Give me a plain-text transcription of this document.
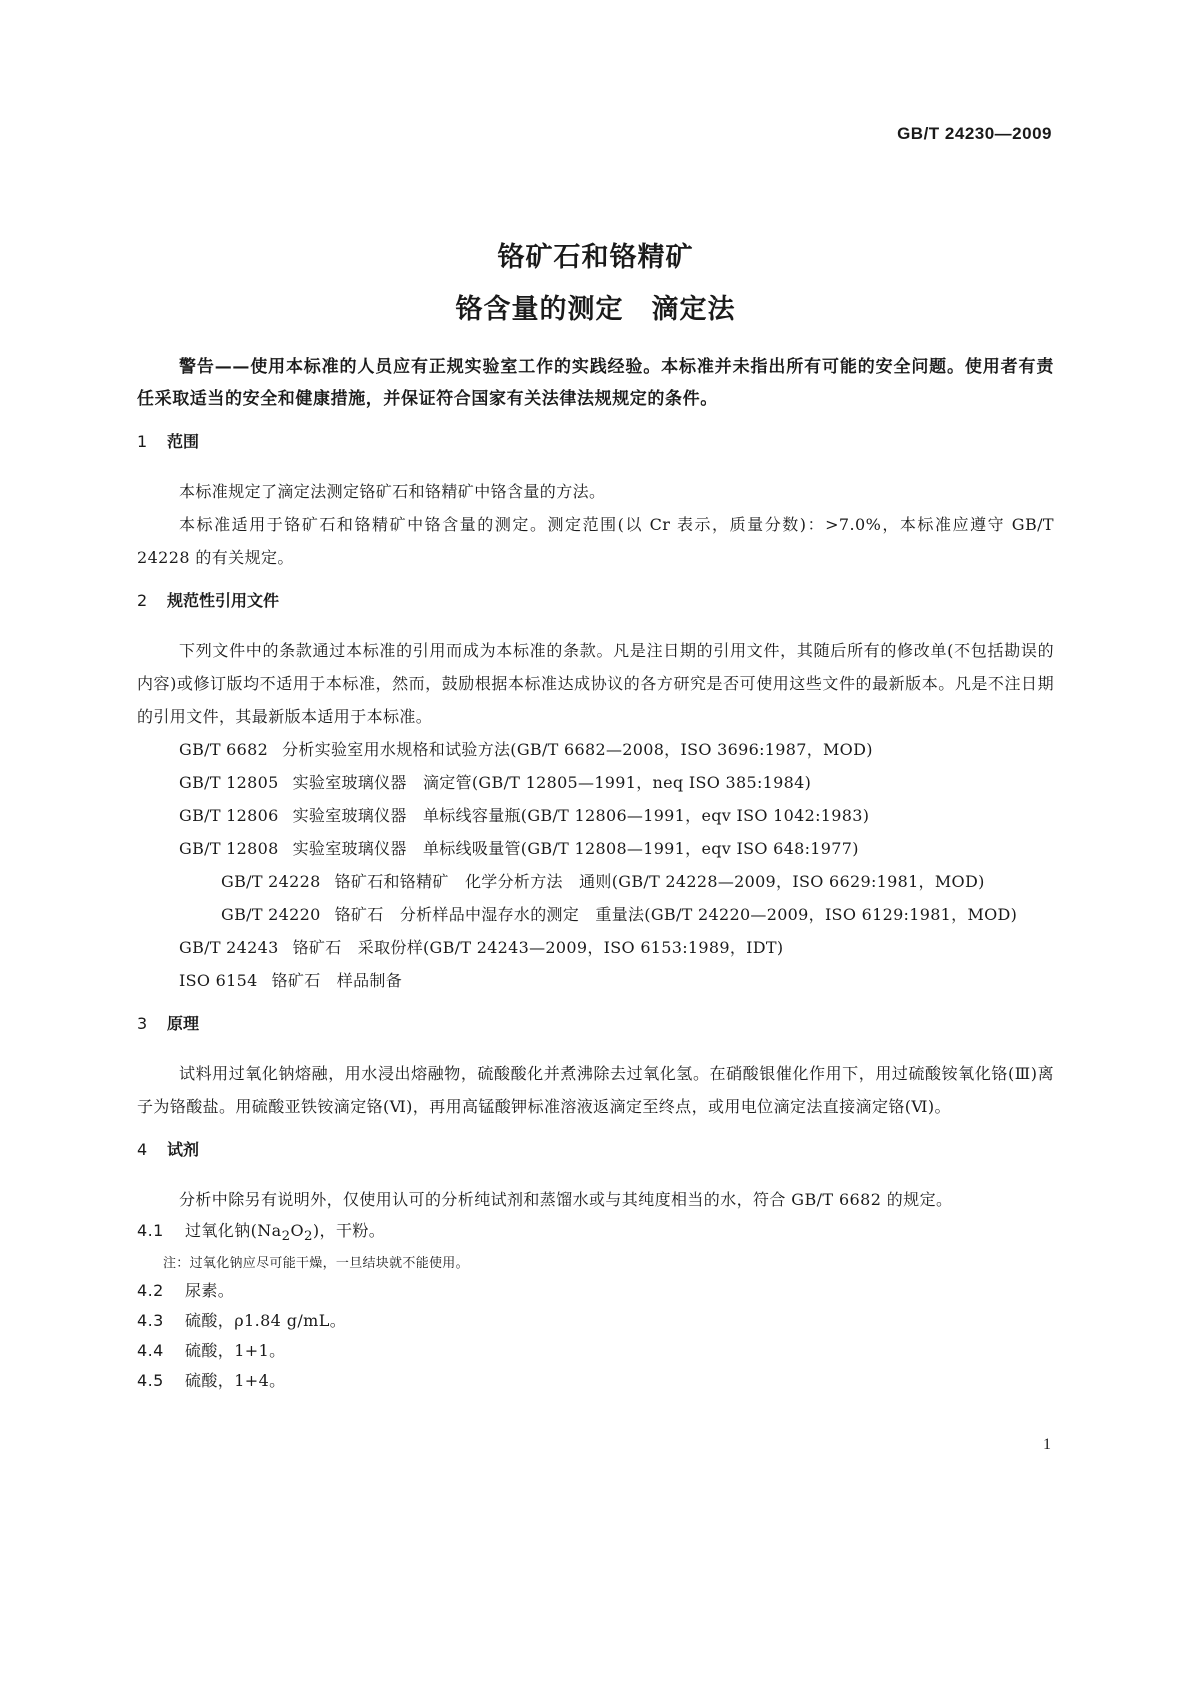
GB/T 24230—2009
铬矿石和铬精矿
铬含量的测定　滴定法

警告——使用本标准的人员应有正规实验室工作的实践经验。本标准并未指出所有可能的安全问题。使用者有责任采取适当的安全和健康措施，并保证符合国家有关法律法规规定的条件。

1 范围

本标准规定了滴定法测定铬矿石和铬精矿中铬含量的方法。

本标准适用于铬矿石和铬精矿中铬含量的测定。测定范围(以 Cr 表示，质量分数)：>7.0%，本标准应遵守 GB/T 24228 的有关规定。

2 规范性引用文件

下列文件中的条款通过本标准的引用而成为本标准的条款。凡是注日期的引用文件，其随后所有的修改单(不包括勘误的内容)或修订版均不适用于本标准，然而，鼓励根据本标准达成协议的各方研究是否可使用这些文件的最新版本。凡是不注日期的引用文件，其最新版本适用于本标准。

GB/T 6682 分析实验室用水规格和试验方法(GB/T 6682—2008，ISO 3696:1987，MOD)

GB/T 12805 实验室玻璃仪器　滴定管(GB/T 12805—1991，neq ISO 385:1984)

GB/T 12806 实验室玻璃仪器　单标线容量瓶(GB/T 12806—1991，eqv ISO 1042:1983)

GB/T 12808 实验室玻璃仪器　单标线吸量管(GB/T 12808—1991，eqv ISO 648:1977)

GB/T 24228 铬矿石和铬精矿　化学分析方法　通则(GB/T 24228—2009，ISO 6629:1981，MOD)

GB/T 24220 铬矿石　分析样品中湿存水的测定　重量法(GB/T 24220—2009，ISO 6129:1981，MOD)

GB/T 24243 铬矿石　采取份样(GB/T 24243—2009，ISO 6153:1989，IDT)

ISO 6154 铬矿石　样品制备

3 原理

试料用过氧化钠熔融，用水浸出熔融物，硫酸酸化并煮沸除去过氧化氢。在硝酸银催化作用下，用过硫酸铵氧化铬(Ⅲ)离子为铬酸盐。用硫酸亚铁铵滴定铬(Ⅵ)，再用高锰酸钾标准溶液返滴定至终点，或用电位滴定法直接滴定铬(Ⅵ)。

4 试剂

分析中除另有说明外，仅使用认可的分析纯试剂和蒸馏水或与其纯度相当的水，符合 GB/T 6682 的规定。

4.1 过氧化钠$(Na_2O_2)$，干粉。

注：过氧化钠应尽可能干燥，一旦结块就不能使用。

4.2 尿素。

4.3 硫酸，ρ1.84 g/mL。

4.4 硫酸，1+1。

4.5 硫酸，1+4。

1
